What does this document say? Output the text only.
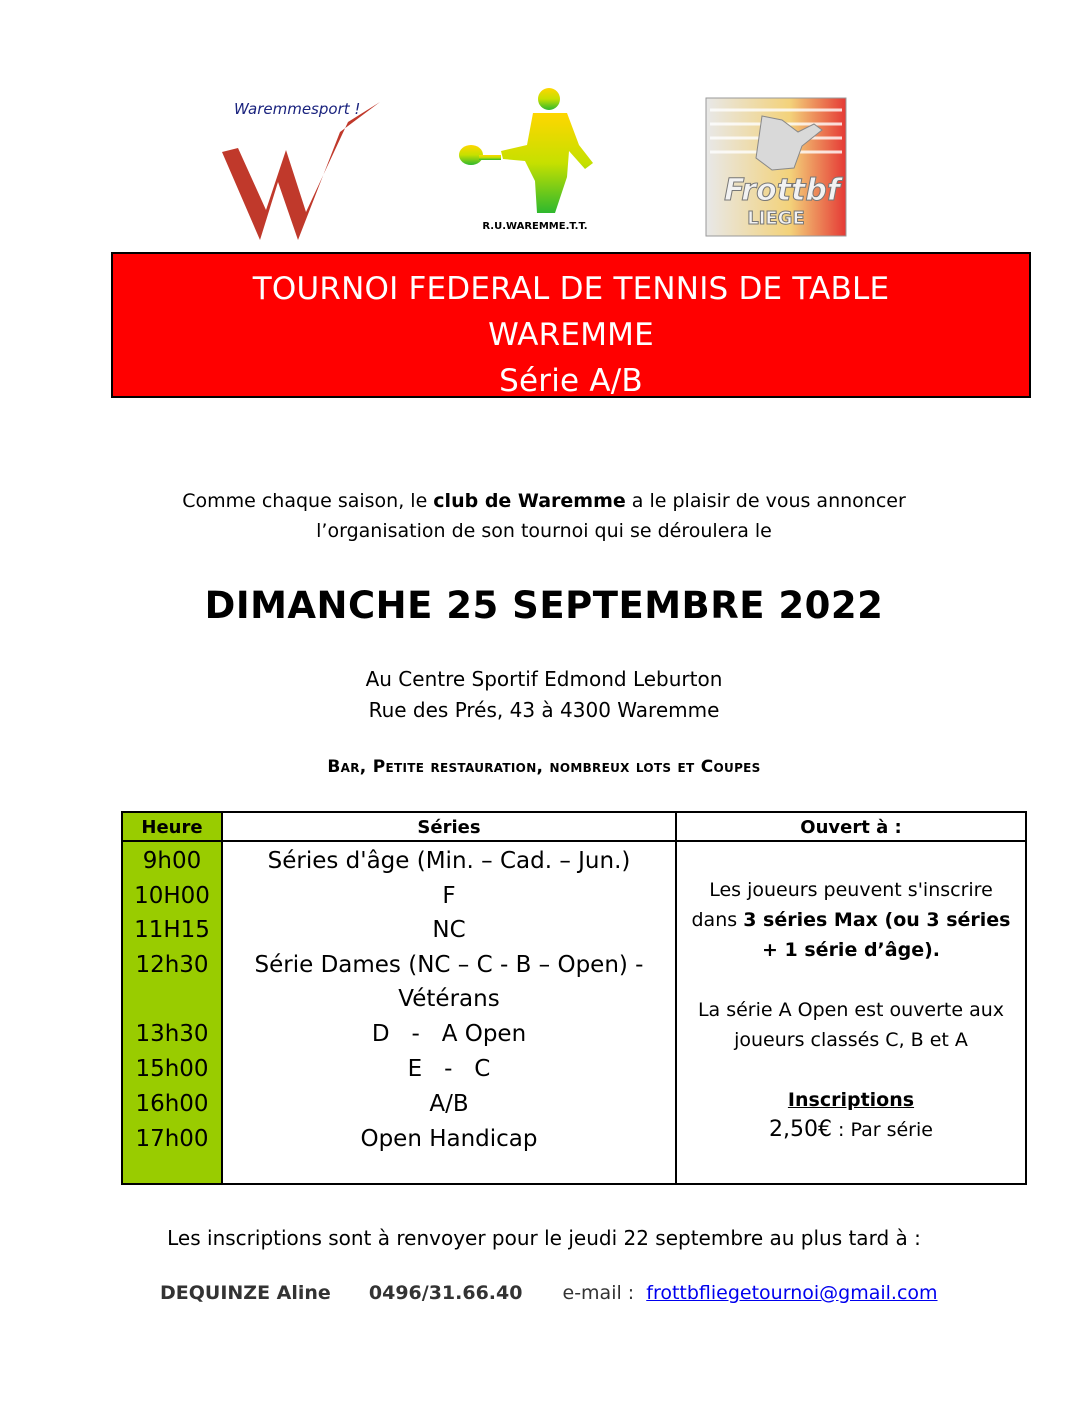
Waremmesport !
R.U.WAREMME.T.T.
Frottbf
LIEGE
TOURNOI FEDERAL DE TENNIS DE TABLE
WAREMME
Série A/B
Comme chaque saison, le club de Waremme a le plaisir de vous annoncer
l’organisation de son tournoi qui se déroulera le
DIMANCHE 25 SEPTEMBRE 2022
Au Centre Sportif Edmond Leburton
Rue des Prés, 43 à 4300 Waremme
Bar, Petite restauration, nombreux lots et Coupes
Heure
9h00
10H00
11H15
12h30
13h30
15h00
16h00
17h00
Séries
Séries d'âge (Min. – Cad. – Jun.)
F
NC
Série Dames (NC – C - B – Open) -
Vétérans
D   -   A Open
E   -   C
A/B
Open Handicap
Ouvert à :

Les joueurs peuvent s'inscrire

dans 3 séries Max (ou 3 séries

+ 1 série d’âge).

La série A Open est ouverte aux

joueurs classés C, B et A

Inscriptions

2,50€ : Par série

Les inscriptions sont à renvoyer pour le jeudi 22 septembre au plus tard à :
DEQUINZE Aline 0496/31.66.40 e-mail : frottbfliegetournoi@gmail.com
